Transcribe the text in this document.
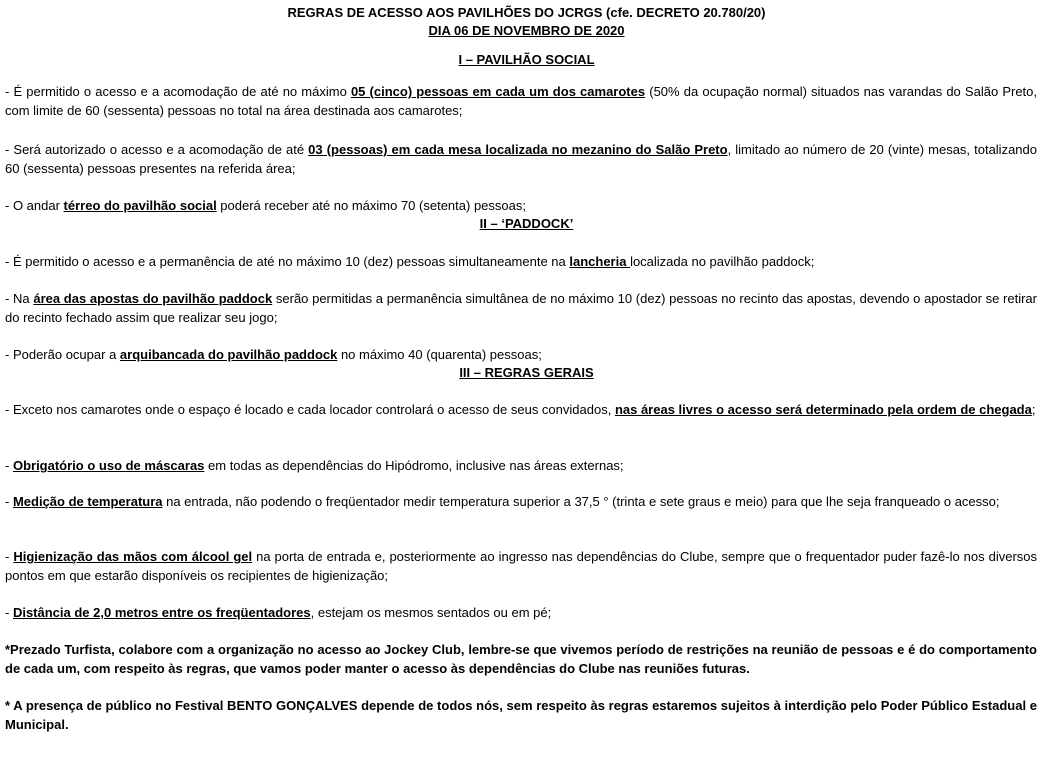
REGRAS DE ACESSO AOS PAVILHÕES DO JCRGS (cfe. DECRETO 20.780/20)
DIA 06 DE NOVEMBRO DE 2020
I – PAVILHÃO SOCIAL
- É permitido o acesso e a acomodação de até no máximo 05 (cinco) pessoas em cada um dos camarotes (50% da ocupação normal) situados nas varandas do Salão Preto, com limite de 60 (sessenta) pessoas no total na área destinada aos camarotes;
- Será autorizado o acesso e a acomodação de até 03 (pessoas) em cada mesa localizada no mezanino do Salão Preto, limitado ao número de 20 (vinte) mesas, totalizando 60 (sessenta) pessoas presentes na referida área;
- O andar térreo do pavilhão social poderá receber até no máximo 70 (setenta) pessoas;
II – ‘PADDOCK’
- É permitido o acesso e a permanência de até no máximo 10 (dez) pessoas simultaneamente na lancheria localizada no pavilhão paddock;
- Na área das apostas do pavilhão paddock serão permitidas a permanência simultânea de no máximo 10 (dez) pessoas no recinto das apostas, devendo o apostador se retirar do recinto fechado assim que realizar seu jogo;
- Poderão ocupar a arquibancada do pavilhão paddock no máximo 40 (quarenta) pessoas;
III – REGRAS GERAIS
- Exceto nos camarotes onde o espaço é locado e cada locador controlará o acesso de seus convidados, nas áreas livres o acesso será determinado pela ordem de chegada;
- Obrigatório o uso de máscaras em todas as dependências do Hipódromo, inclusive nas áreas externas;
- Medição de temperatura na entrada, não podendo o freqüentador medir temperatura superior a 37,5 ° (trinta e sete graus e meio) para que lhe seja franqueado o acesso;
- Higienização das mãos com álcool gel na porta de entrada e, posteriormente ao ingresso nas dependências do Clube, sempre que o frequentador puder fazê-lo nos diversos pontos em que estarão disponíveis os recipientes de higienização;
- Distância de 2,0 metros entre os freqüentadores, estejam os mesmos sentados ou em pé;
*Prezado Turfista, colabore com a organização no acesso ao Jockey Club, lembre-se que vivemos período de restrições na reunião de pessoas e é do comportamento de cada um, com respeito às regras, que vamos poder manter o acesso às dependências do Clube nas reuniões futuras.
* A presença de público no Festival BENTO GONÇALVES depende de todos nós, sem respeito às regras estaremos sujeitos à interdição pelo Poder Público Estadual e Municipal.
